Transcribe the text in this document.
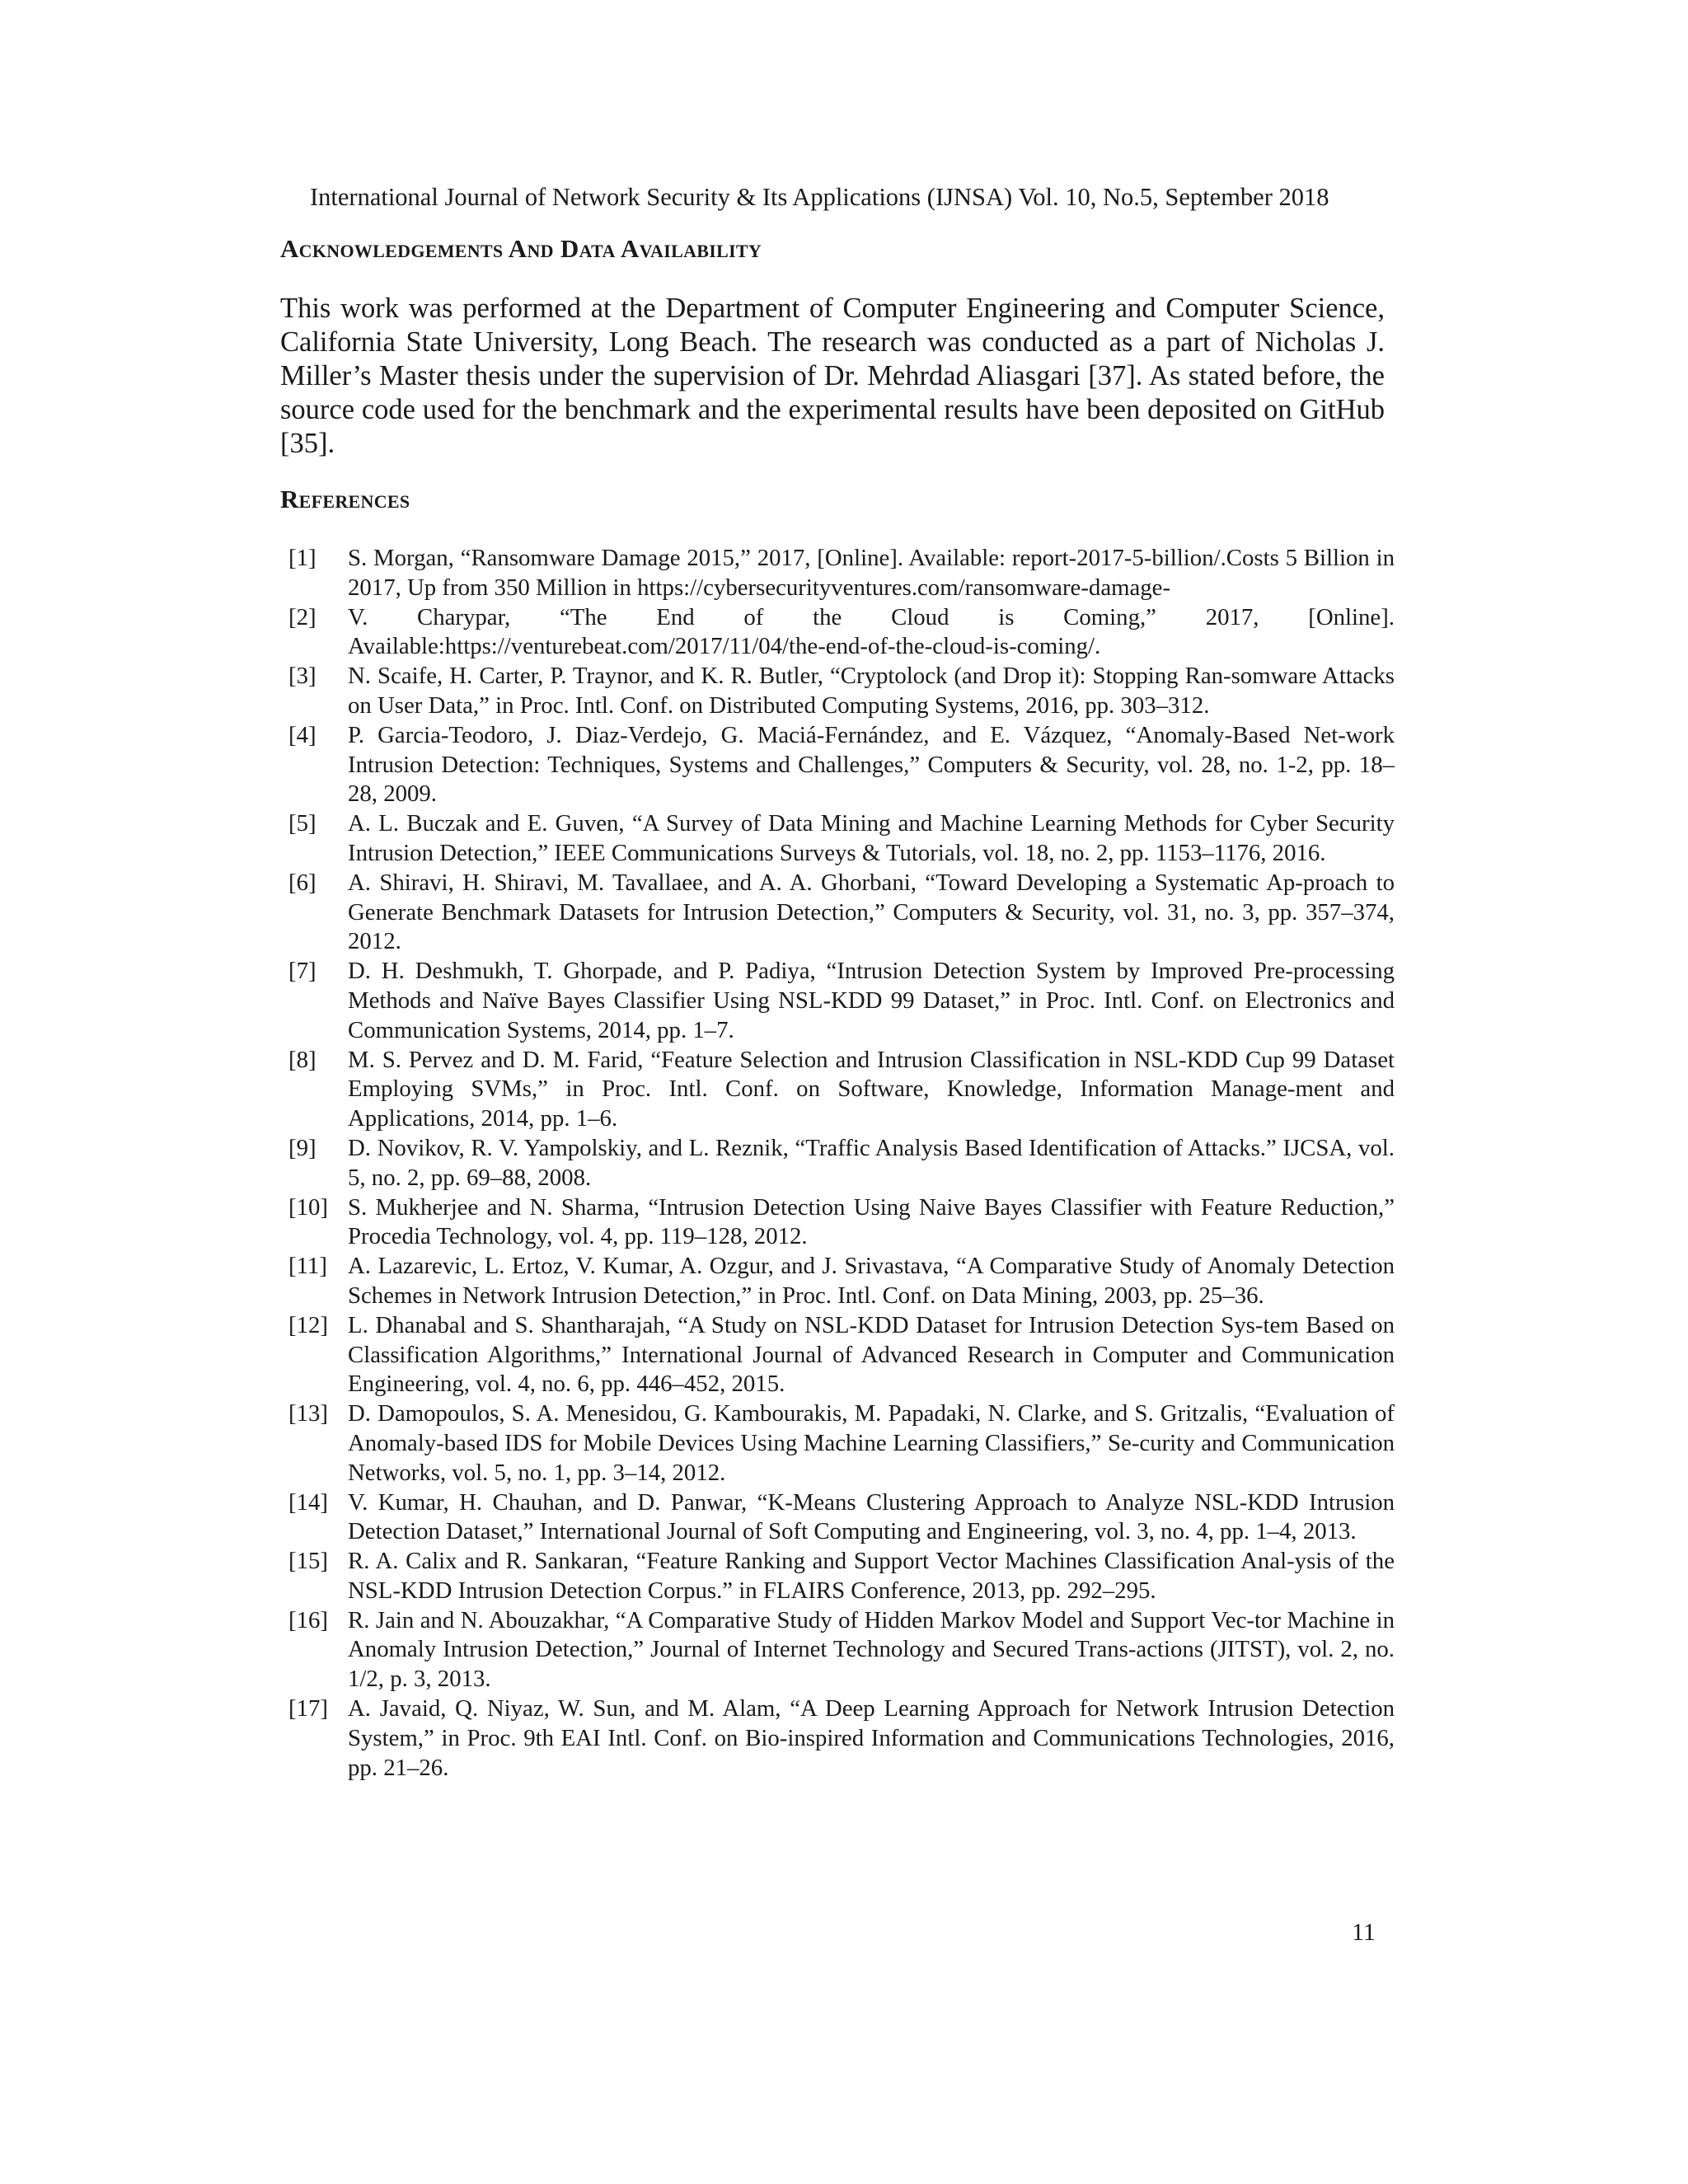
International Journal of Network Security & Its Applications (IJNSA) Vol. 10, No.5, September 2018
Acknowledgements And Data Availability

This work was performed at the Department of Computer Engineering and Computer Science, California State University, Long Beach. The research was conducted as a part of Nicholas J. Miller’s Master thesis under the supervision of Dr. Mehrdad Aliasgari [37]. As stated before, the source code used for the benchmark and the experimental results have been deposited on GitHub [35].

References
[1]	S. Morgan, “Ransomware Damage 2015,” 2017, [Online]. Available: report-2017-5-billion/.Costs 5 Billion in 2017, Up from 350 Million in https://cybersecurityventures.com/ransomware-damage-
[2]	V. Charypar, “The End of the Cloud is Coming,” 2017, [Online]. Available:https://venturebeat.com/2017/11/04/the-end-of-the-cloud-is-coming/.
[3]	N. Scaife, H. Carter, P. Traynor, and K. R. Butler, “Cryptolock (and Drop it): Stopping Ran-somware Attacks on User Data,” in Proc. Intl. Conf. on Distributed Computing Systems, 2016, pp. 303–312.
[4]	P. Garcia-Teodoro, J. Diaz-Verdejo, G. Maciá-Fernández, and E. Vázquez, “Anomaly-Based Net-work Intrusion Detection: Techniques, Systems and Challenges,” Computers & Security, vol. 28, no. 1-2, pp. 18–28, 2009.
[5]	A. L. Buczak and E. Guven, “A Survey of Data Mining and Machine Learning Methods for Cyber Security Intrusion Detection,” IEEE Communications Surveys & Tutorials, vol. 18, no. 2, pp. 1153–1176, 2016.
[6]	A. Shiravi, H. Shiravi, M. Tavallaee, and A. A. Ghorbani, “Toward Developing a Systematic Ap-proach to Generate Benchmark Datasets for Intrusion Detection,” Computers & Security, vol. 31, no. 3, pp. 357–374, 2012.
[7]	D. H. Deshmukh, T. Ghorpade, and P. Padiya, “Intrusion Detection System by Improved Pre-processing Methods and Naïve Bayes Classifier Using NSL-KDD 99 Dataset,” in Proc. Intl. Conf. on Electronics and Communication Systems, 2014, pp. 1–7.
[8]	M. S. Pervez and D. M. Farid, “Feature Selection and Intrusion Classification in NSL-KDD Cup 99 Dataset Employing SVMs,” in Proc. Intl. Conf. on Software, Knowledge, Information Manage-ment and Applications, 2014, pp. 1–6.
[9]	D. Novikov, R. V. Yampolskiy, and L. Reznik, “Traffic Analysis Based Identification of Attacks.” IJCSA, vol. 5, no. 2, pp. 69–88, 2008.
[10] S. Mukherjee and N. Sharma, “Intrusion Detection Using Naive Bayes Classifier with Feature Reduction,” Procedia Technology, vol. 4, pp. 119–128, 2012.
[11] A. Lazarevic, L. Ertoz, V. Kumar, A. Ozgur, and J. Srivastava, “A Comparative Study of Anomaly Detection Schemes in Network Intrusion Detection,” in Proc. Intl. Conf. on Data Mining, 2003, pp. 25–36.
[12] L. Dhanabal and S. Shantharajah, “A Study on NSL-KDD Dataset for Intrusion Detection Sys-tem Based on Classification Algorithms,” International Journal of Advanced Research in Computer and Communication Engineering, vol. 4, no. 6, pp. 446–452, 2015.
[13] D. Damopoulos, S. A. Menesidou, G. Kambourakis, M. Papadaki, N. Clarke, and S. Gritzalis, “Evaluation of Anomaly-based IDS for Mobile Devices Using Machine Learning Classifiers,” Se-curity and Communication Networks, vol. 5, no. 1, pp. 3–14, 2012.
[14] V. Kumar, H. Chauhan, and D. Panwar, “K-Means Clustering Approach to Analyze NSL-KDD Intrusion Detection Dataset,” International Journal of Soft Computing and Engineering, vol. 3, no. 4, pp. 1–4, 2013.
[15] R. A. Calix and R. Sankaran, “Feature Ranking and Support Vector Machines Classification Anal-ysis of the NSL-KDD Intrusion Detection Corpus.” in FLAIRS Conference, 2013, pp. 292–295.
[16] R. Jain and N. Abouzakhar, “A Comparative Study of Hidden Markov Model and Support Vec-tor Machine in Anomaly Intrusion Detection,” Journal of Internet Technology and Secured Trans-actions (JITST), vol. 2, no. 1/2, p. 3, 2013.
[17] A. Javaid, Q. Niyaz, W. Sun, and M. Alam, “A Deep Learning Approach for Network Intrusion Detection System,” in Proc. 9th EAI Intl. Conf. on Bio-inspired Information and Communications Technologies, 2016, pp. 21–26.
11
